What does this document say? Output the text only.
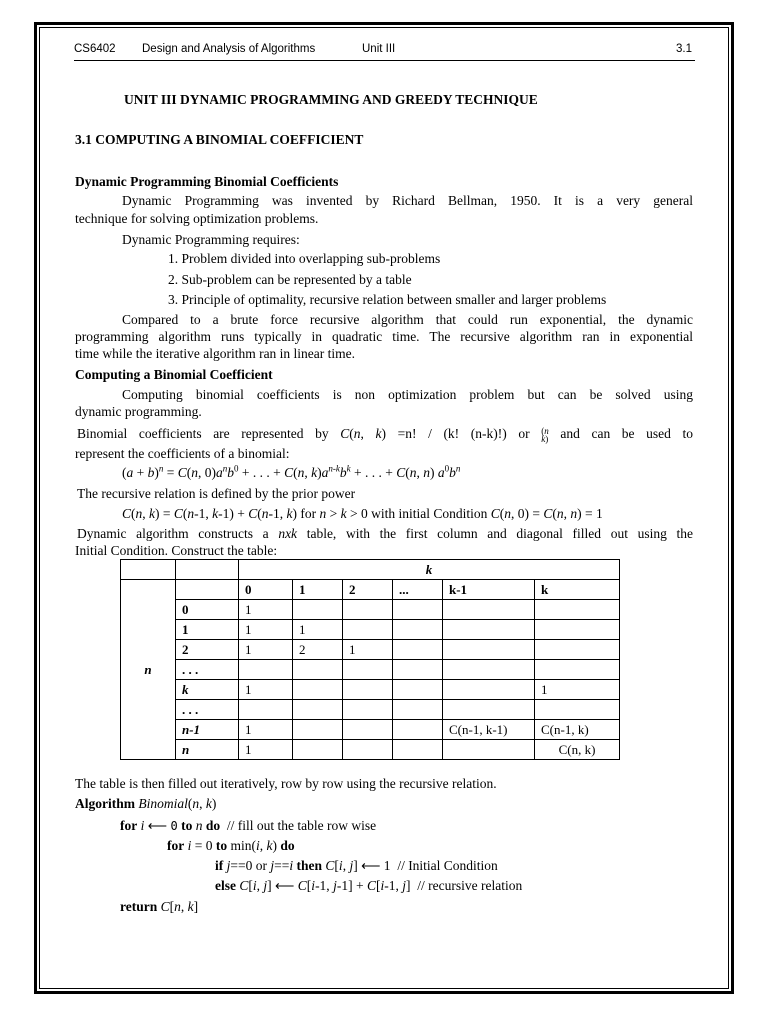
CS6402 Design and Analysis of Algorithms	Unit III	3.1
UNIT III DYNAMIC PROGRAMMING AND GREEDY TECHNIQUE
3.1 COMPUTING A BINOMIAL COEFFICIENT
Dynamic Programming Binomial Coefficients
Dynamic Programming was invented by Richard Bellman, 1950. It is a very general
technique for solving optimization problems.
Dynamic Programming requires:
1. Problem divided into overlapping sub-problems
2. Sub-problem can be represented by a table
3. Principle of optimality, recursive relation between smaller and larger problems
Compared to a brute force recursive algorithm that could run exponential, the dynamic
programming algorithm runs typically in quadratic time. The recursive algorithm ran in exponential
time while the iterative algorithm ran in linear time.
Computing a Binomial Coefficient
Computing binomial coefficients is non optimization problem but can be solved using
dynamic programming.
Binomial coefficients are represented by C(n, k) =n! / (k! (n-k)!) or (n
k) and can be used to
represent the coefficients of a binomial:
$(a + b)^n = C(n$, $0)a^nb^0$ + . . . + C(n, $k)a^{n-k}b^k$ + . . . + C(n, n) $a^0b^n$
The recursive relation is defined by the prior power
C(n, k) = C(n-1, k-1) + C(n-1, k) for n > k > 0 with initial Condition C(n, 0) = C(n, n) = 1
Dynamic algorithm constructs a nxk table, with the first column and diagonal filled out using the
Initial Condition. Construct the table:
		k					
n		0	1	2	...	k-1	k
	0	1					
	1	1	1				
	2	1	2	1			
	. . .						
	k	1					1
	. . .						
	n-1	1				C(n-1, k-1)	C(n-1, k)
	n	1					C(n, k)
The table is then filled out iteratively, row by row using the recursive relation.
Algorithm Binomial(n, k)
for i ⟵ 0 to n do // fill out the table row wise
for i = 0 to min(i, k) do
if j==0 or j==i then C[i, j] ⟵ 1  // Initial Condition
else C[i, j] ⟵ C[i-1, j-1] + C[i-1, j]  // recursive relation
return C[n, k]
